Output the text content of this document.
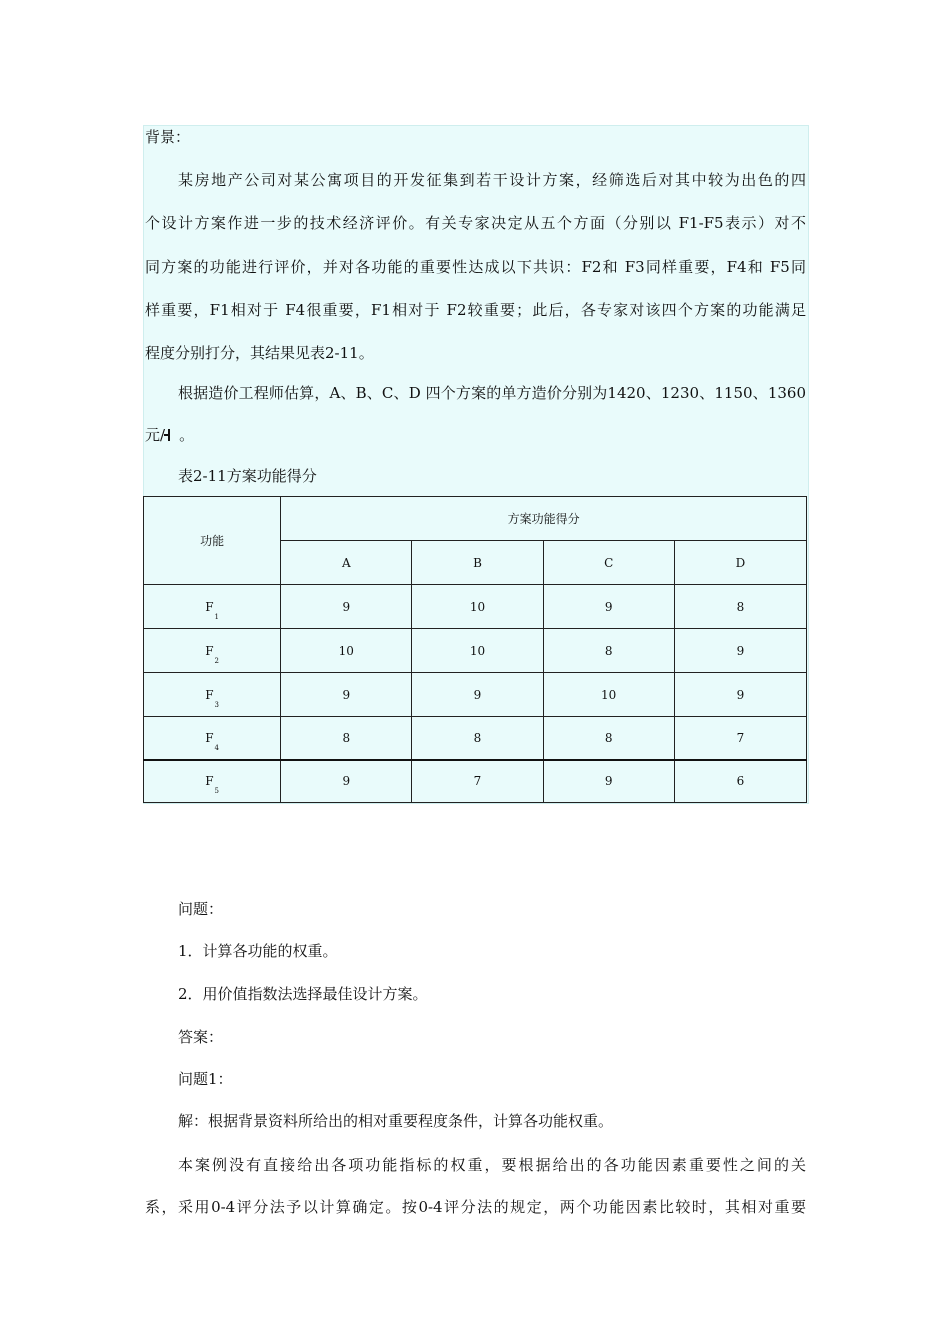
背景：
某房地产公司对某公寓项目的开发征集到若干设计方案，经筛选后对其中较为出色的四
个设计方案作进一步的技术经济评价。有关专家决定从五个方面（分别以 F1-F5表示）对不
同方案的功能进行评价，并对各功能的重要性达成以下共识：F2和 F3同样重要，F4和 F5同
样重要，F1相对于 F4很重要，F1相对于 F2较重要；此后，各专家对该四个方案的功能满足
程度分别打分，其结果见表2-11。
根据造价工程师估算，A、B、C、D 四个方案的单方造价分别为1420、1230、1150、1360
元/ 。
表2-11方案功能得分
功能	方案功能得分			
	A	B	C	D
$F_1$	9	10	9	8
$F_2$	10	10	8	9
$F_3$	9	9	10	9
$F_4$	8	8	8	7
$F_5$	9	7	9	6
问题：
1．计算各功能的权重。
2．用价值指数法选择最佳设计方案。
答案：
问题1：
解：根据背景资料所给出的相对重要程度条件，计算各功能权重。
本案例没有直接给出各项功能指标的权重，要根据给出的各功能因素重要性之间的关
系，采用0-4评分法予以计算确定。按0-4评分法的规定，两个功能因素比较时，其相对重要
